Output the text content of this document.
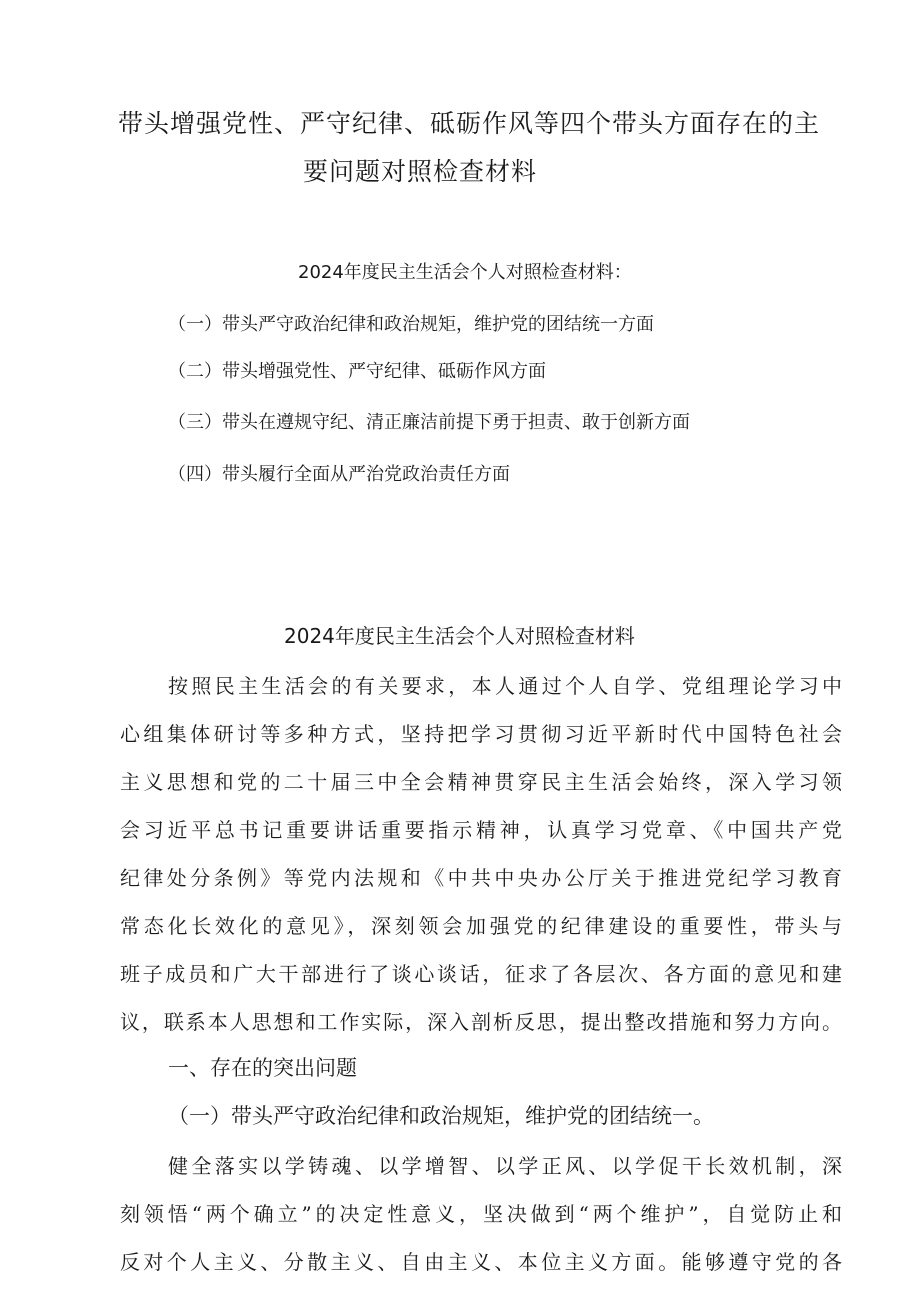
带头增强党性、严守纪律、砥砺作风等四个带头方面存在的主
要问题对照检查材料
2024年度民主生活会个人对照检查材料：

（一）带头严守政治纪律和政治规矩，维护党的团结统一方面

（二）带头增强党性、严守纪律、砥砺作风方面

（三）带头在遵规守纪、清正廉洁前提下勇于担责、敢于创新方面

（四）带头履行全面从严治党政治责任方面

2024年度民主生活会个人对照检查材料

按照民主生活会的有关要求，本人通过个人自学、党组理论学习中

心组集体研讨等多种方式，坚持把学习贯彻习近平新时代中国特色社会

主义思想和党的二十届三中全会精神贯穿民主生活会始终，深入学习领

会习近平总书记重要讲话重要指示精神，认真学习党章、《中国共产党

纪律处分条例》等党内法规和《中共中央办公厅关于推进党纪学习教育

常态化长效化的意见》，深刻领会加强党的纪律建设的重要性，带头与

班子成员和广大干部进行了谈心谈话，征求了各层次、各方面的意见和建

议，联系本人思想和工作实际，深入剖析反思，提出整改措施和努力方向。

一、存在的突出问题
（一）带头严守政治纪律和政治规矩，维护党的团结统一。

健全落实以学铸魂、以学增智、以学正风、以学促干长效机制，深

刻领悟“两个确立”的决定性意义，坚决做到“两个维护”，自觉防止和

反对个人主义、分散主义、自由主义、本位主义方面。能够遵守党的各
